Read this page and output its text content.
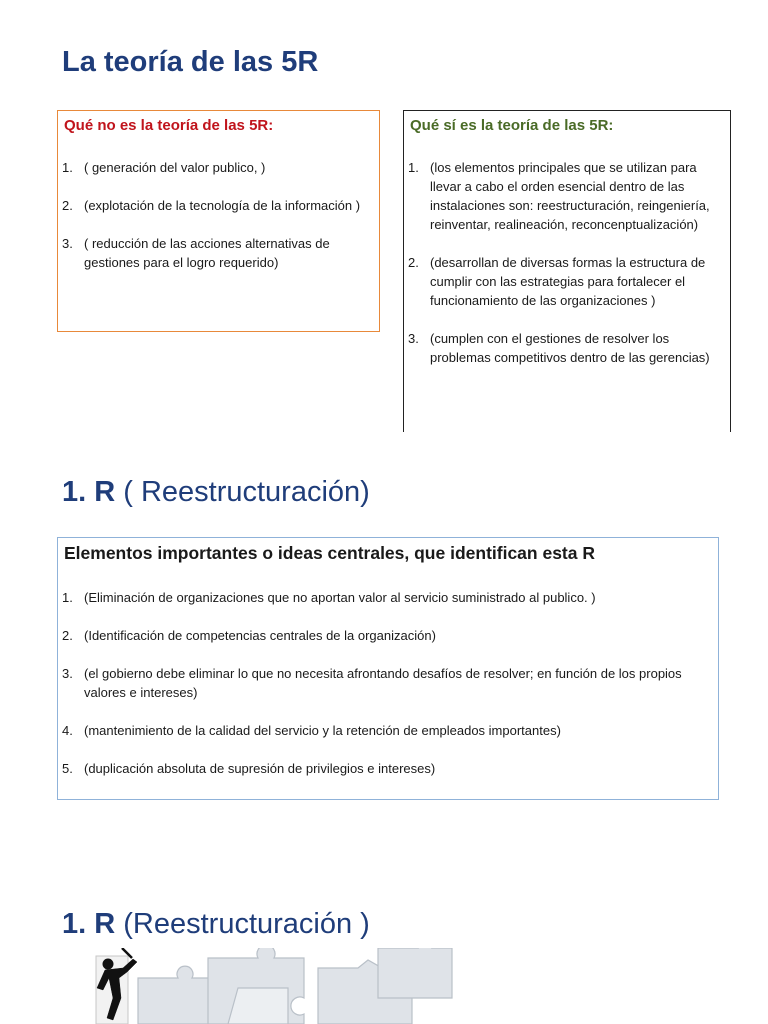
La teoría de las 5R
Qué no es la teoría de las 5R:
1. ( generación del valor publico, )
2. (explotación de la tecnología de la información )
3. ( reducción de las acciones alternativas de gestiones para el logro requerido)
Qué sí es la teoría de las 5R:
1. (los elementos principales que se utilizan para llevar a cabo el orden esencial dentro de las instalaciones son: reestructuración, reingeniería, reinventar, realineación, reconcenptualización)
2. (desarrollan de diversas formas la estructura de cumplir con las estrategias para fortalecer el funcionamiento de las organizaciones )
3. (cumplen con el gestiones de resolver los problemas competitivos dentro de las gerencias)
1. R ( Reestructuración)
Elementos importantes o ideas centrales, que identifican esta R
1. (Eliminación de organizaciones que no aportan valor al servicio suministrado al publico. )
2. (Identificación de competencias centrales de la organización)
3. (el gobierno debe eliminar lo que no necesita afrontando desafíos de resolver; en función de los propios valores e intereses)
4. (mantenimiento de la calidad del servicio y la retención de empleados importantes)
5. (duplicación absoluta de supresión de privilegios e intereses)
1. R (Reestructuración )
